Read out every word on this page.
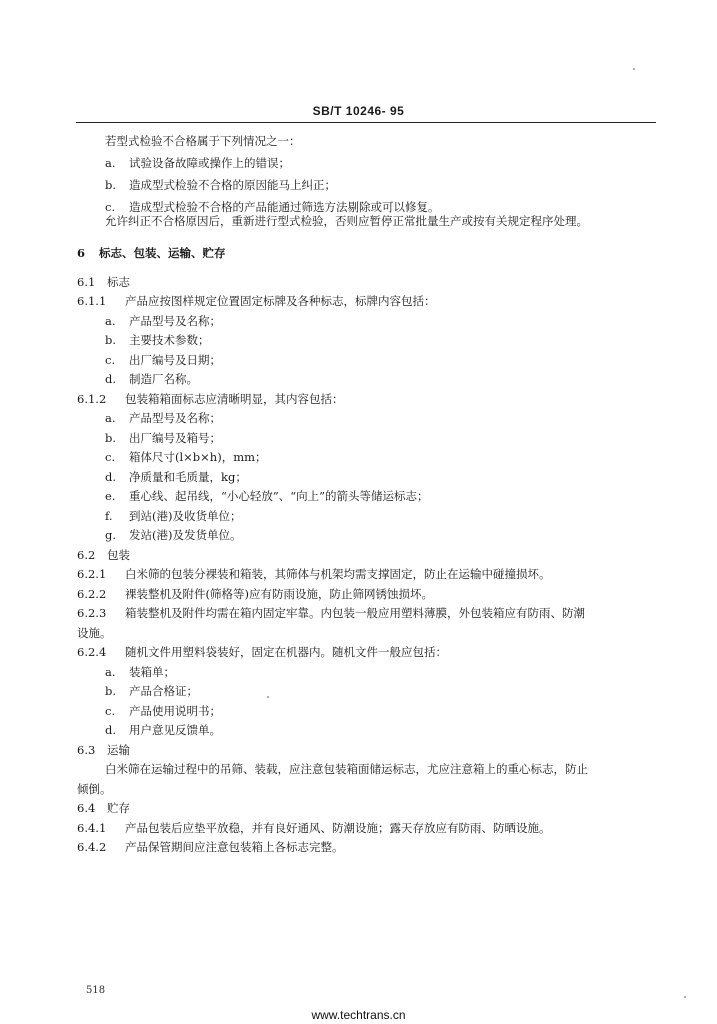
SB/T 10246- 95
若型式检验不合格属于下列情况之一：
a. 试验设备故障或操作上的错误；
b. 造成型式检验不合格的原因能马上纠正；
c. 造成型式检验不合格的产品能通过筛选方法剔除或可以修复。
允许纠正不合格原因后，重新进行型式检验，否则应暂停正常批量生产或按有关规定程序处理。
6 标志、包装、运输、贮存
6.1 标志
6.1.1 产品应按图样规定位置固定标牌及各种标志，标牌内容包括：
a. 产品型号及名称；
b. 主要技术参数；
c. 出厂编号及日期；
d. 制造厂名称。
6.1.2 包装箱箱面标志应清晰明显，其内容包括：
a. 产品型号及名称；
b. 出厂编号及箱号；
c. 箱体尺寸(l×b×h)，mm；
d. 净质量和毛质量，kg；
e. 重心线、起吊线，“小心轻放”、“向上”的箭头等储运标志；
f. 到站(港)及收货单位；
g. 发站(港)及发货单位。
6.2 包装
6.2.1 白米筛的包装分裸装和箱装，其筛体与机架均需支撑固定，防止在运输中碰撞损坏。
6.2.2 裸装整机及附件(筛格等)应有防雨设施，防止筛网锈蚀损坏。
6.2.3 箱装整机及附件均需在箱内固定牢靠。内包装一般应用塑料薄膜，外包装箱应有防雨、防潮
设施。
6.2.4 随机文件用塑料袋装好，固定在机器内。随机文件一般应包括：
a. 装箱单；
b. 产品合格证；
c. 产品使用说明书；
d. 用户意见反馈单。
6.3 运输
白米筛在运输过程中的吊筛、装载，应注意包装箱面储运标志，尤应注意箱上的重心标志，防止
倾倒。
6.4 贮存
6.4.1 产品包装后应垫平放稳，并有良好通风、防潮设施；露天存放应有防雨、防晒设施。
6.4.2 产品保管期间应注意包装箱上各标志完整。
518
www.techtrans.cn
